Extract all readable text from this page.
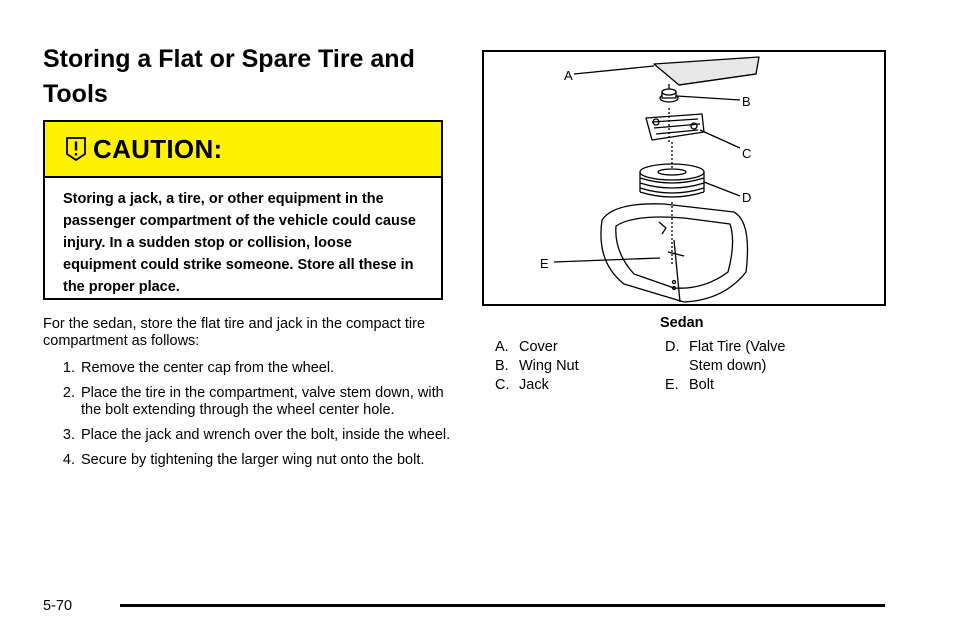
Storing a Flat or Spare Tire and Tools
CAUTION:
Storing a jack, a tire, or other equipment in the passenger compartment of the vehicle could cause injury. In a sudden stop or collision, loose equipment could strike someone. Store all these in the proper place.

For the sedan, store the flat tire and jack in the compact tire compartment as follows:

1. Remove the center cap from the wheel.
2. Place the tire in the compartment, valve stem down, with the bolt extending through the wheel center hole.
3. Place the jack and wrench over the bolt, inside the wheel.
4. Secure by tightening the larger wing nut onto the bolt.
A
B
C
D
E
Sedan
A. Cover
B. Wing Nut
C. Jack
D. Flat Tire (Valve Stem down)
E. Bolt
5-70
